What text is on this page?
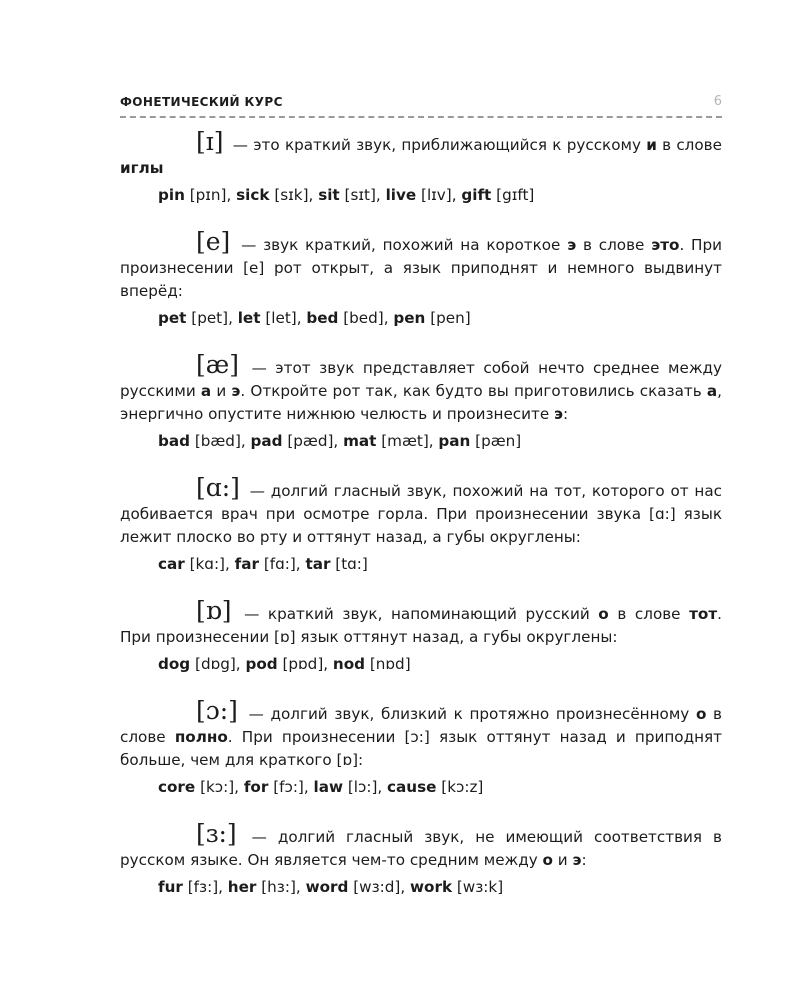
ФОНЕТИЧЕСКИЙ КУРС	6

[ɪ] — это краткий звук, приближающийся к русскому и в слове иглы

pin [pɪn], sick [sɪk], sit [sɪt], live [lɪv], gift [gɪft]

[e] — звук краткий, похожий на короткое э в слове это. При произнесении [e] рот открыт, а язык приподнят и немного выдвинут вперёд:

pet [pet], let [let], bed [bed], pen [pen]

[æ] — этот звук представляет собой нечто среднее между русскими а и э. Откройте рот так, как будто вы приготовились сказать а, энергично опустите нижнюю челюсть и произнесите э:

bad [bæd], pad [pæd], mat [mæt], pan [pæn]

[ɑ:] — долгий гласный звук, похожий на тот, которого от нас добивается врач при осмотре горла. При произнесении звука [ɑ:] язык лежит плоско во рту и оттянут назад, а губы округлены:

car [kɑ:], far [fɑ:], tar [tɑ:]

[ɒ] — краткий звук, напоминающий русский о в слове тот. При произнесении [ɒ] язык оттянут назад, а губы округлены:

dog [dɒg], pod [pɒd], nod [nɒd]

[ɔ:] — долгий звук, близкий к протяжно произнесённому о в слове полно. При произнесении [ɔ:] язык оттянут назад и приподнят больше, чем для краткого [ɒ]:

core [kɔ:], for [fɔ:], law [lɔ:], cause [kɔ:z]

[ɜ:] — долгий гласный звук, не имеющий соответствия в русском языке. Он является чем-то средним между о и э:

fur [fɜ:], her [hɜ:], word [wɜ:d], work [wɜ:k]
